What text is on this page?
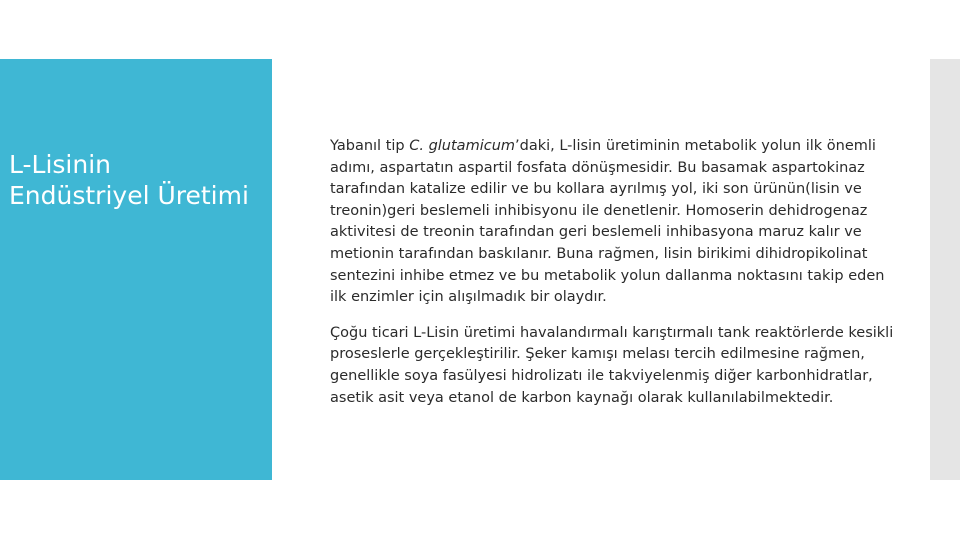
L-Lisinin
Endüstriyel Üretimi

Yabanıl tip C. glutamicum’daki, L-lisin üretiminin metabolik yolun ilk önemli adımı, aspartatın aspartil fosfata dönüşmesidir. Bu basamak aspartokinaz tarafından katalize edilir ve bu kollara ayrılmış yol, iki son ürünün(lisin ve treonin)geri beslemeli inhibisyonu ile denetlenir. Homoserin dehidrogenaz aktivitesi de treonin tarafından geri beslemeli inhibasyona maruz kalır ve metionin tarafından baskılanır. Buna rağmen, lisin birikimi dihidropikolinat sentezini inhibe etmez ve bu metabolik yolun dallanma noktasını takip eden ilk enzimler için alışılmadık bir olaydır.

Çoğu ticari L-Lisin üretimi havalandırmalı karıştırmalı tank reaktörlerde kesikli proseslerle gerçekleştirilir. Şeker kamışı melası tercih edilmesine rağmen, genellikle soya fasülyesi hidrolizatı ile takviyelenmiş diğer karbonhidratlar, asetik asit veya etanol de karbon kaynağı olarak kullanılabilmektedir.
